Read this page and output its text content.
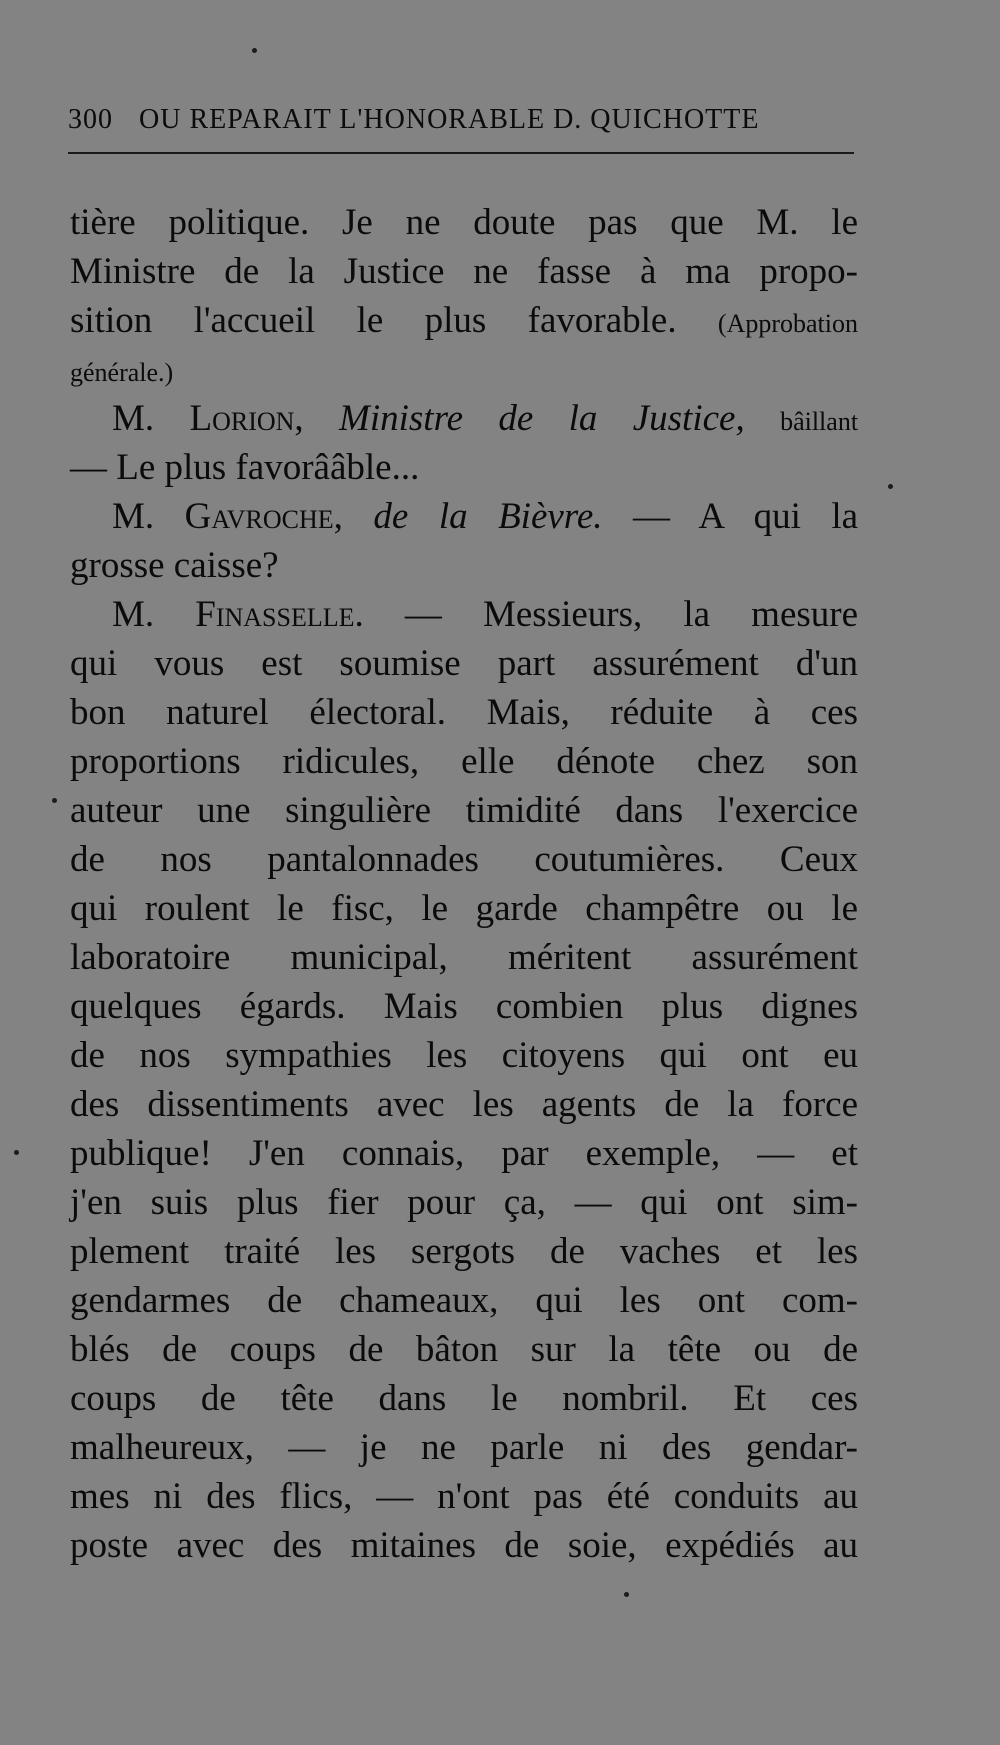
300 OU REPARAIT L'HONORABLE D. QUICHOTTE
tière politique. Je ne doute pas que M. le
Ministre de la Justice ne fasse à ma propo-
sition l'accueil le plus favorable. (Approbation
générale.)
M. Lorion, Ministre de la Justice, bâillant
— Le plus favorââble...
M. Gavroche, de la Bièvre. — A qui la
grosse caisse?
M. Finasselle. — Messieurs, la mesure
qui vous est soumise part assurément d'un
bon naturel électoral. Mais, réduite à ces
proportions ridicules, elle dénote chez son
auteur une singulière timidité dans l'exercice
de nos pantalonnades coutumières. Ceux
qui roulent le fisc, le garde champêtre ou le
laboratoire municipal, méritent assurément
quelques égards. Mais combien plus dignes
de nos sympathies les citoyens qui ont eu
des dissentiments avec les agents de la force
publique! J'en connais, par exemple, — et
j'en suis plus fier pour ça, — qui ont sim-
plement traité les sergots de vaches et les
gendarmes de chameaux, qui les ont com-
blés de coups de bâton sur la tête ou de
coups de tête dans le nombril. Et ces
malheureux, — je ne parle ni des gendar-
mes ni des flics, — n'ont pas été conduits au
poste avec des mitaines de soie, expédiés au
